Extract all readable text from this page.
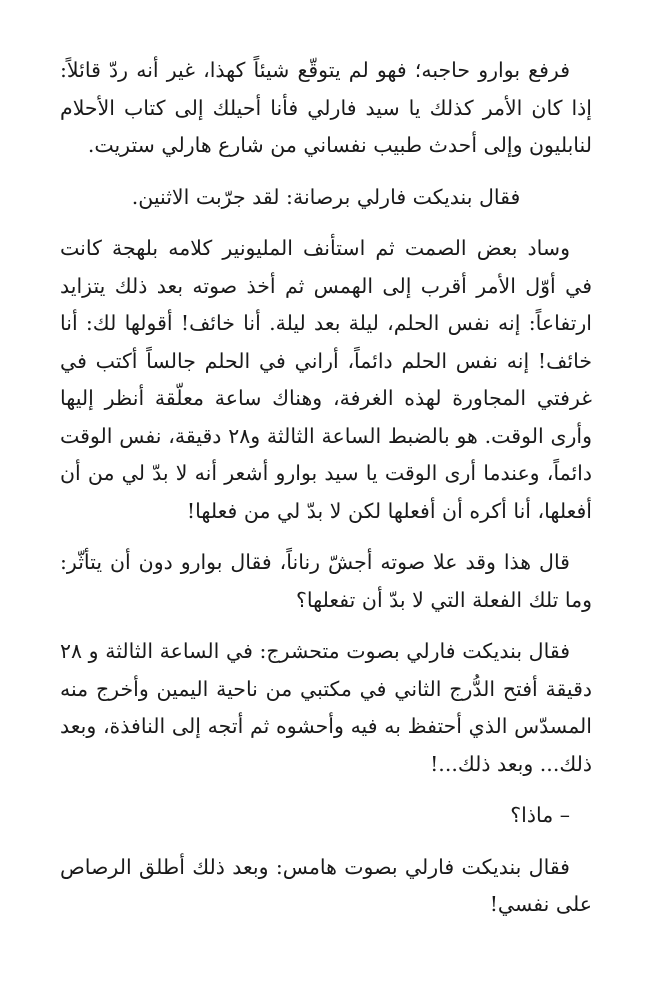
فرفع بوارو حاجبه؛ فهو لم يتوقّع شيئاً كهذا، غير أنه ردّ قائلاً: إذا كان الأمر كذلك يا سيد فارلي فأنا أحيلك إلى كتاب الأحلام لنابليون وإلى أحدث طبيب نفساني من شارع هارلي ستريت.

فقال بنديكت فارلي برصانة: لقد جرّبت الاثنين.

وساد بعض الصمت ثم استأنف المليونير كلامه بلهجة كانت في أوّل الأمر أقرب إلى الهمس ثم أخذ صوته بعد ذلك يتزايد ارتفاعاً: إنه نفس الحلم، ليلة بعد ليلة. أنا خائف! أقولها لك: أنا خائف! إنه نفس الحلم دائماً، أراني في الحلم جالساً أكتب في غرفتي المجاورة لهذه الغرفة، وهناك ساعة معلّقة أنظر إليها وأرى الوقت. هو بالضبط الساعة الثالثة و٢٨ دقيقة، نفس الوقت دائماً، وعندما أرى الوقت يا سيد بوارو أشعر أنه لا بدّ لي من أن أفعلها، أنا أكره أن أفعلها لكن لا بدّ لي من فعلها!

قال هذا وقد علا صوته أجشّ رناناً، فقال بوارو دون أن يتأثّر: وما تلك الفعلة التي لا بدّ أن تفعلها؟

فقال بنديكت فارلي بصوت متحشرج: في الساعة الثالثة و ٢٨ دقيقة أفتح الدُّرج الثاني في مكتبي من ناحية اليمين وأخرج منه المسدّس الذي أحتفظ به فيه وأحشوه ثم أتجه إلى النافذة، وبعد ذلك... وبعد ذلك...!

– ماذا؟

فقال بنديكت فارلي بصوت هامس: وبعد ذلك أطلق الرصاص على نفسي!
